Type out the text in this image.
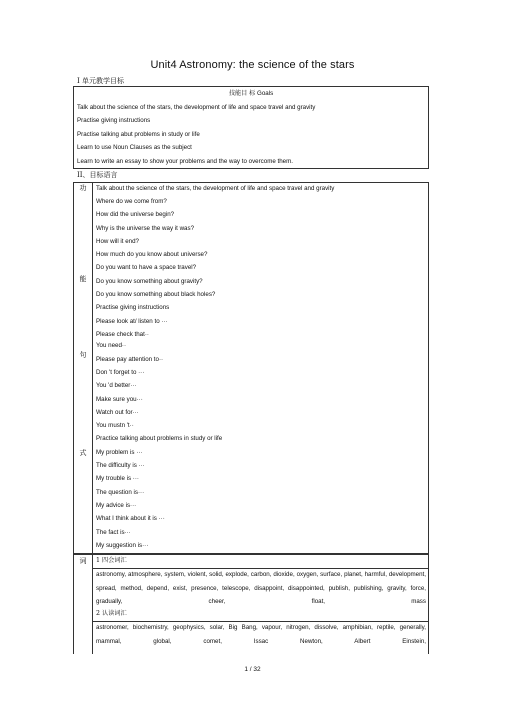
Unit4 Astronomy: the science of the stars
I 单元教学目标
技能目 标 Goals
Talk about the science of the stars, the development of life and space travel and gravity
Practise giving instructions
Practise talking abut problems in study or life
Learn to use Noun Clauses as the subject
Learn to write an essay to show your problems and the way to overcome them.
II、目标语言
功
能
句
式
Talk about the science of the stars, the development of life and space travel and gravity
Where do we come from?
How did the universe begin?
Why is the universe the way it was?
How will it end?
How much do you know about universe?
Do you want to have a space travel?
Do you know something about gravity?
Do you know something about black holes?
Practise giving instructions
Please look at/ listen to ···
Please check that··
You need··
Please pay attention to··
Don 't forget to ···
You 'd better···
Make sure you···
Watch out for···
You mustn 't··
Practice talking about problems in study or life
My problem is ···
The difficulty is ···
My trouble is ···
The question is···
My advice is···
What I think about it is ···
The fact is···
My suggestion is···
词	1 四会词汇
astronomy, atmosphere, system, violent, solid, explode, carbon, dioxide, oxygen, surface, planet, harmful, development, spread, method, depend, exist, presence, telescope, disappoint, disappointed, publish, publishing, gravity, force, gradually, cheer, float, mass
2 认读词汇
astronomer, biochemistry, geophysics, solar, Big Bang, vapour, nitrogen, dissolve, amphibian, reptile, generally, mammal, global, comet, Issac Newton, Albert Einstein,
1 / 32
